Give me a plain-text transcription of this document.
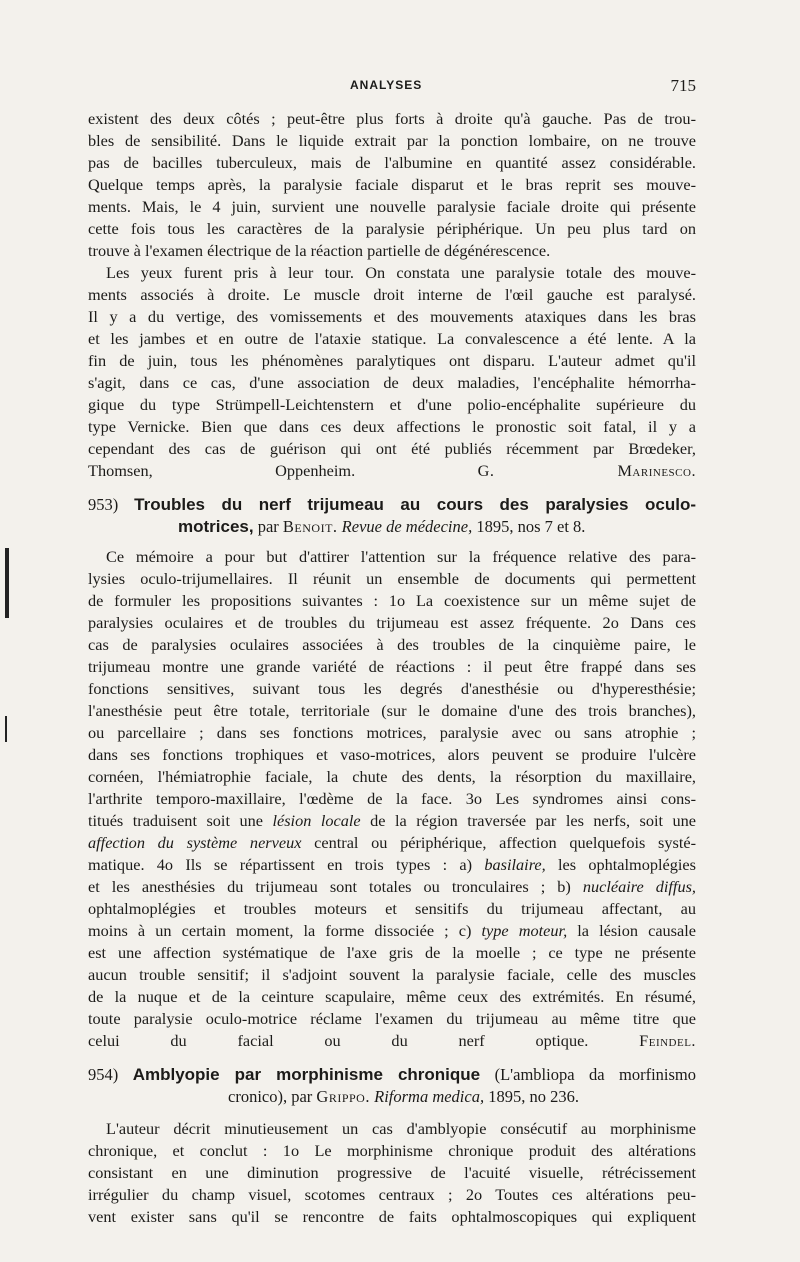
ANALYSES	715
existent des deux côtés ; peut-être plus forts à droite qu'à gauche. Pas de trou-
bles de sensibilité. Dans le liquide extrait par la ponction lombaire, on ne trouve
pas de bacilles tuberculeux, mais de l'albumine en quantité assez considérable.
Quelque temps après, la paralysie faciale disparut et le bras reprit ses mouve-
ments. Mais, le 4 juin, survient une nouvelle paralysie faciale droite qui présente
cette fois tous les caractères de la paralysie périphérique. Un peu plus tard on
trouve à l'examen électrique de la réaction partielle de dégénérescence.
Les yeux furent pris à leur tour. On constata une paralysie totale des mouve-
ments associés à droite. Le muscle droit interne de l'œil gauche est paralysé.
Il y a du vertige, des vomissements et des mouvements ataxiques dans les bras
et les jambes et en outre de l'ataxie statique. La convalescence a été lente. A la
fin de juin, tous les phénomènes paralytiques ont disparu. L'auteur admet qu'il
s'agit, dans ce cas, d'une association de deux maladies, l'encéphalite hémorrha-
gique du type Strümpell-Leichtenstern et d'une polio-encéphalite supérieure du
type Vernicke. Bien que dans ces deux affections le pronostic soit fatal, il y a
cependant des cas de guérison qui ont été publiés récemment par Brœdeker,
Thomsen, Oppenheim.	G. Marinesco.
953) Troubles du nerf trijumeau au cours des paralysies oculo-
motrices, par Benoit. Revue de médecine, 1895, nos 7 et 8.
Ce mémoire a pour but d'attirer l'attention sur la fréquence relative des para-
lysies oculo-trijumellaires. Il réunit un ensemble de documents qui permettent
de formuler les propositions suivantes : 1o La coexistence sur un même sujet de
paralysies oculaires et de troubles du trijumeau est assez fréquente. 2o Dans ces
cas de paralysies oculaires associées à des troubles de la cinquième paire, le
trijumeau montre une grande variété de réactions : il peut être frappé dans ses
fonctions sensitives, suivant tous les degrés d'anesthésie ou d'hyperesthésie;
l'anesthésie peut être totale, territoriale (sur le domaine d'une des trois branches),
ou parcellaire ; dans ses fonctions motrices, paralysie avec ou sans atrophie ;
dans ses fonctions trophiques et vaso-motrices, alors peuvent se produire l'ulcère
cornéen, l'hémiatrophie faciale, la chute des dents, la résorption du maxillaire,
l'arthrite temporo-maxillaire, l'œdème de la face. 3o Les syndromes ainsi cons-
titués traduisent soit une lésion locale de la région traversée par les nerfs, soit une
affection du système nerveux central ou périphérique, affection quelquefois systé-
matique. 4o Ils se répartissent en trois types : a) basilaire, les ophtalmoplégies
et les anesthésies du trijumeau sont totales ou tronculaires ; b) nucléaire diffus,
ophtalmoplégies et troubles moteurs et sensitifs du trijumeau affectant, au
moins à un certain moment, la forme dissociée ; c) type moteur, la lésion causale
est une affection systématique de l'axe gris de la moelle ; ce type ne présente
aucun trouble sensitif; il s'adjoint souvent la paralysie faciale, celle des muscles
de la nuque et de la ceinture scapulaire, même ceux des extrémités. En résumé,
toute paralysie oculo-motrice réclame l'examen du trijumeau au même titre que
celui du facial ou du nerf optique.	Feindel.
954) Amblyopie par morphinisme chronique (L'ambliopa da morfinismo
cronico), par Grippo. Riforma medica, 1895, no 236.
L'auteur décrit minutieusement un cas d'amblyopie consécutif au morphinisme
chronique, et conclut : 1o Le morphinisme chronique produit des altérations
consistant en une diminution progressive de l'acuité visuelle, rétrécissement
irrégulier du champ visuel, scotomes centraux ; 2o Toutes ces altérations peu-
vent exister sans qu'il se rencontre de faits ophtalmoscopiques qui expliquent
